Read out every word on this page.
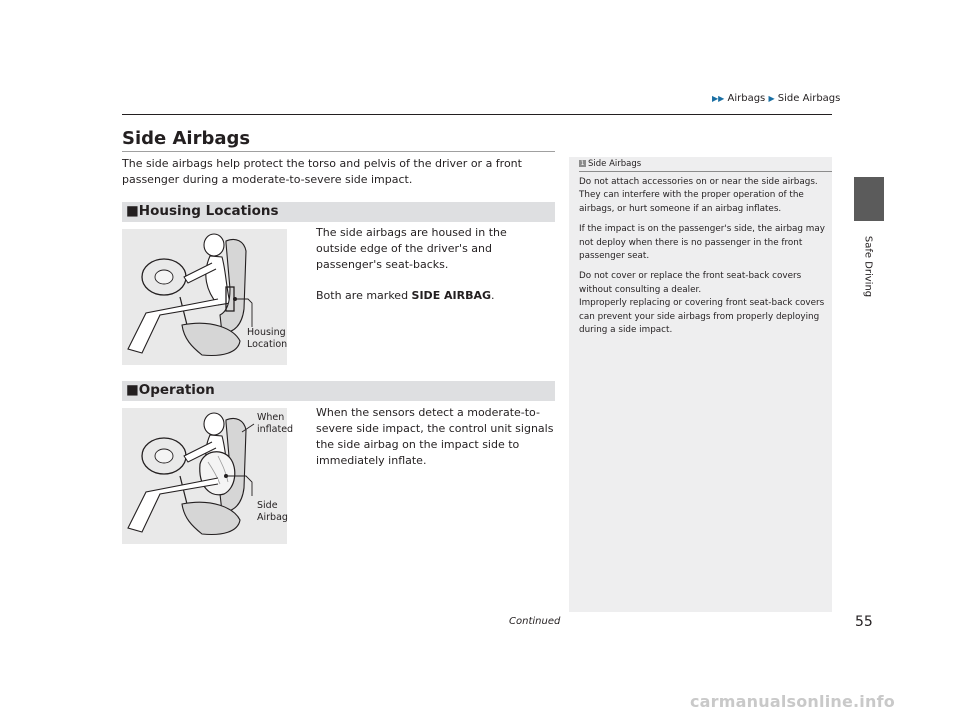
▶▶ Airbags ▶ Side Airbags
Safe Driving
Side Airbags
The side airbags help protect the torso and pelvis of the driver or a front passenger during a moderate-to-severe side impact.
■Housing Locations
Housing
Location
The side airbags are housed in the outside edge of the driver's and passenger's seat-backs.
Both are marked SIDE AIRBAG.
■Operation
When
inflated
Side
Airbag
When the sensors detect a moderate-to-severe side impact, the control unit signals the side airbag on the impact side to immediately inflate.
1 Side Airbags

Do not attach accessories on or near the side airbags. They can interfere with the proper operation of the airbags, or hurt someone if an airbag inflates.

If the impact is on the passenger's side, the airbag may not deploy when there is no passenger in the front passenger seat.

Do not cover or replace the front seat-back covers without consulting a dealer.

Improperly replacing or covering front seat-back covers can prevent your side airbags from properly deploying during a side impact.

Continued	55
carmanualsonline.info
